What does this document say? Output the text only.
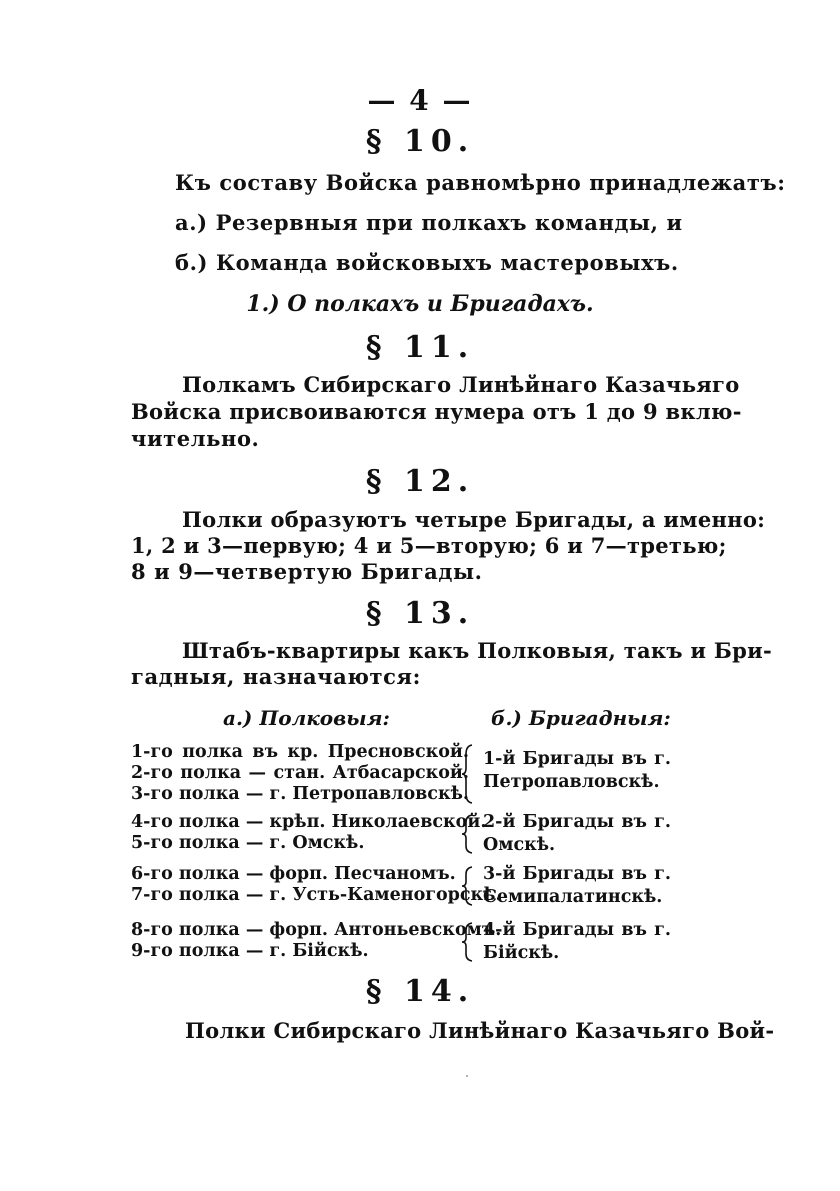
— 4 —
§ 10.
Къ составу Войска равномѣрно принадлежатъ:
а.) Резервныя при полкахъ команды, и
б.) Команда войсковыхъ мастеровыхъ.
1.) О полкахъ и Бригадахъ.
§ 11.
Полкамъ Сибирскаго Линѣйнаго Казачьяго
Войска присвоиваются нумера отъ 1 до 9 вклю-
чительно.
§ 12.
Полки образуютъ четыре Бригады, а именно:
1, 2 и 3—первую; 4 и 5—вторую; 6 и 7—третью;
8 и 9—четвертую Бригады.
§ 13.
Штабъ-квартиры какъ Полковыя, такъ и Бри-
гадныя, назначаются:
а.) Полковыя:	б.) Бригадныя:
1-го полка въ кр. Пресновской.
2-го полка — стан. Атбасарской.
3-го полка — г. Петропавловскѣ.
1-й Бригады въ г.
Петропавловскѣ.
4-го полка — крѣп. Николаевской.
5-го полка — г. Омскѣ.
2-й Бригады въ г.
Омскѣ.
6-го полка — форп. Песчаномъ.
7-го полка — г. Усть-Каменогорскѣ.
3-й Бригады въ г.
Семипалатинскѣ.
8-го полка — форп. Антоньевскомъ.
9-го полка — г. Бійскѣ.
4-й Бригады въ г.
Бійскѣ.
§ 14.
Полки Сибирскаго Линѣйнаго Казачьяго Вой-
